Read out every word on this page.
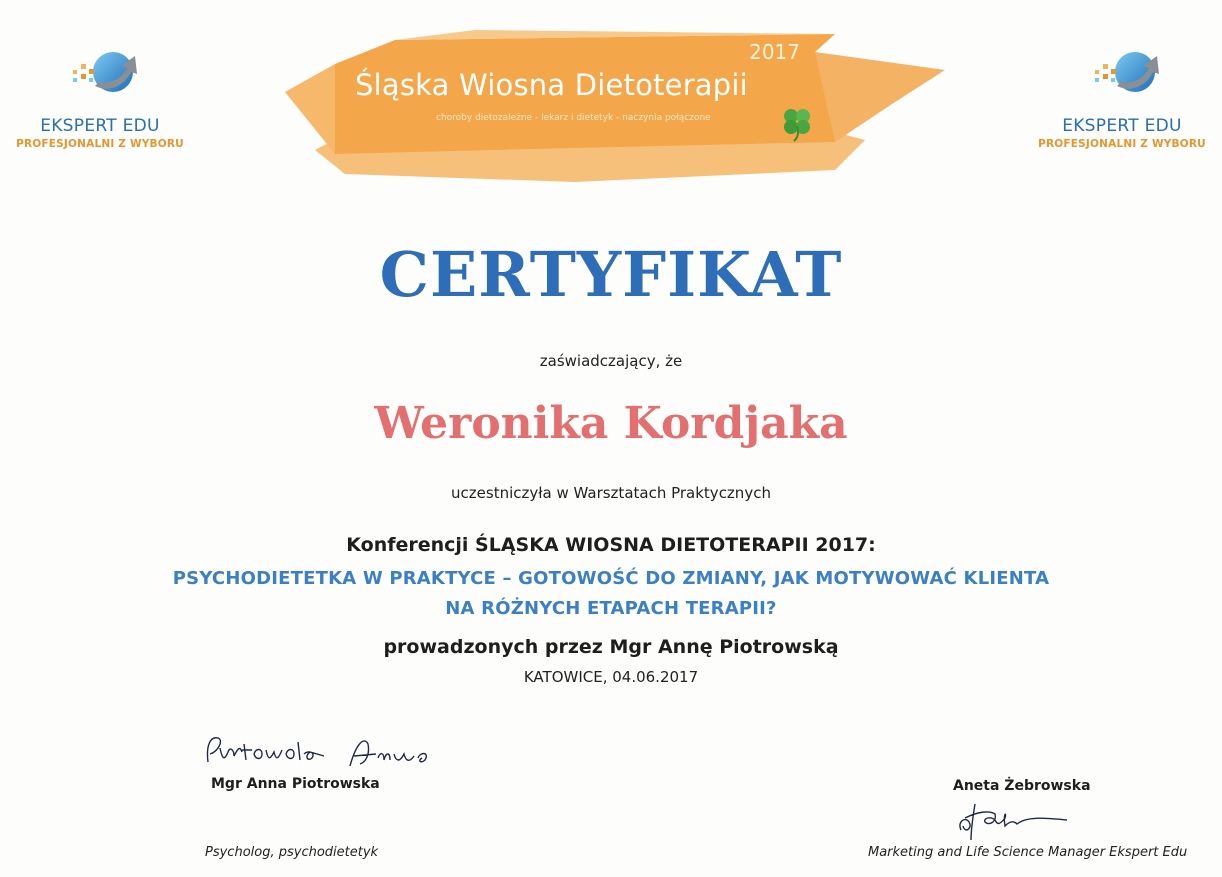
EKSPERT EDU
PROFESJONALNI Z WYBORU
EKSPERT EDU
PROFESJONALNI Z WYBORU
2017
Śląska Wiosna Dietoterapii
choroby dietozależne - lekarz i dietetyk - naczynia połączone
CERTYFIKAT
zaświadczający, że
Weronika Kordjaka
uczestniczyła w Warsztatach Praktycznych
Konferencji ŚLĄSKA WIOSNA DIETOTERAPII 2017:
PSYCHODIETETKA W PRAKTYCE – GOTOWOŚĆ DO ZMIANY, JAK MOTYWOWAĆ KLIENTA
NA RÓŻNYCH ETAPACH TERAPII?
prowadzonych przez Mgr Annę Piotrowską
KATOWICE, 04.06.2017
Mgr Anna Piotrowska
Psycholog, psychodietetyk
Aneta Żebrowska
Marketing and Life Science Manager Ekspert Edu
